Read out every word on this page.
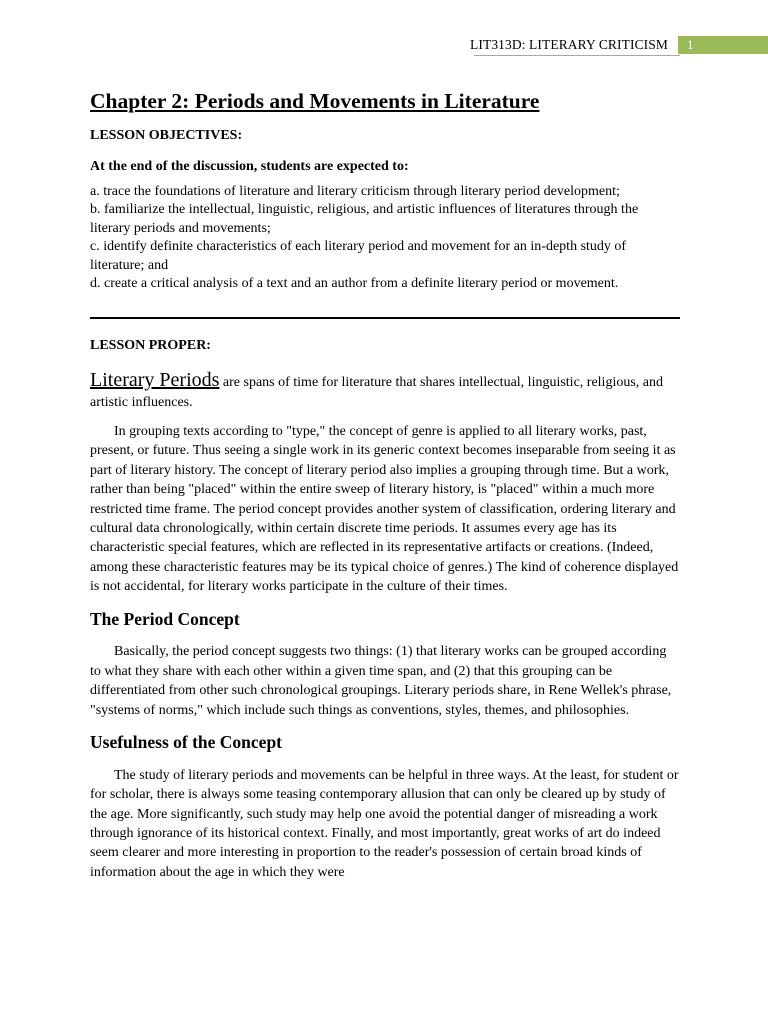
LIT313D: LITERARY CRITICISM	1
Chapter 2: Periods and Movements in Literature

LESSON OBJECTIVES:

At the end of the discussion, students are expected to:

a. trace the foundations of literature and literary criticism through literary period development;
b. familiarize the intellectual, linguistic, religious, and artistic influences of literatures through the literary periods and movements;
c. identify definite characteristics of each literary period and movement for an in-depth study of literature; and
d. create a critical analysis of a text and an author from a definite literary period or movement.
LESSON PROPER:

Literary Periods are spans of time for literature that shares intellectual, linguistic, religious, and artistic influences.

In grouping texts according to "type," the concept of genre is applied to all literary works, past, present, or future. Thus seeing a single work in its generic context becomes inseparable from seeing it as part of literary history. The concept of literary period also implies a grouping through time. But a work, rather than being "placed" within the entire sweep of literary history, is "placed" within a much more restricted time frame. The period concept provides another system of classification, ordering literary and cultural data chronologically, within certain discrete time periods. It assumes every age has its characteristic special features, which are reflected in its representative artifacts or creations. (Indeed, among these characteristic features may be its typical choice of genres.) The kind of coherence displayed is not accidental, for literary works participate in the culture of their times.

The Period Concept

Basically, the period concept suggests two things: (1) that literary works can be grouped according to what they share with each other within a given time span, and (2) that this grouping can be differentiated from other such chronological groupings. Literary periods share, in Rene Wellek's phrase, "systems of norms," which include such things as conventions, styles, themes, and philosophies.

Usefulness of the Concept

The study of literary periods and movements can be helpful in three ways. At the least, for student or for scholar, there is always some teasing contemporary allusion that can only be cleared up by study of the age. More significantly, such study may help one avoid the potential danger of misreading a work through ignorance of its historical context. Finally, and most importantly, great works of art do indeed seem clearer and more interesting in proportion to the reader's possession of certain broad kinds of information about the age in which they were
